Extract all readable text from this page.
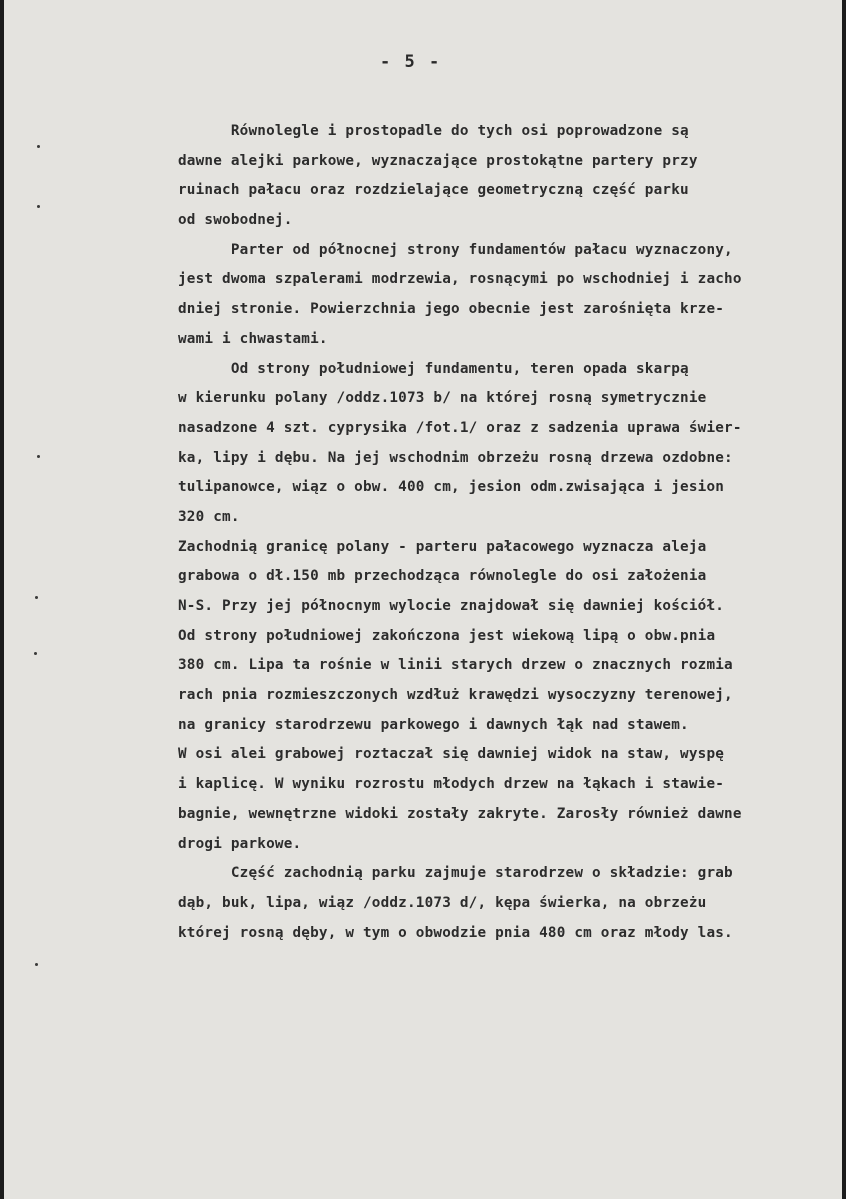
- 5 -
Równolegle i prostopadle do tych osi poprowadzone są
dawne alejki parkowe, wyznaczające prostokątne partery przy
ruinach pałacu oraz rozdzielające geometryczną część parku
od swobodnej.
Parter od północnej strony fundamentów pałacu wyznaczony,
jest dwoma szpalerami modrzewia, rosnącymi po wschodniej i zacho
dniej stronie. Powierzchnia jego obecnie jest zarośnięta krze-
wami i chwastami.
Od strony południowej fundamentu, teren opada skarpą
w kierunku polany /oddz.1073 b/ na której rosną symetrycznie
nasadzone 4 szt. cyprysika /fot.1/ oraz z sadzenia uprawa świer-
ka, lipy i dębu. Na jej wschodnim obrzeżu rosną drzewa ozdobne:
tulipanowce, wiąz o obw. 400 cm, jesion odm.zwisająca i jesion
320 cm.
Zachodnią granicę polany - parteru pałacowego wyznacza aleja
grabowa o dł.150 mb przechodząca równolegle do osi założenia
N-S. Przy jej północnym wylocie znajdował się dawniej kościół.
Od strony południowej zakończona jest wiekową lipą o obw.pnia
380 cm. Lipa ta rośnie w linii starych drzew o znacznych rozmia
rach pnia rozmieszczonych wzdłuż krawędzi wysoczyzny terenowej,
na granicy starodrzewu parkowego i dawnych łąk nad stawem.
W osi alei grabowej roztaczał się dawniej widok na staw, wyspę
i kaplicę. W wyniku rozrostu młodych drzew na łąkach i stawie-
bagnie, wewnętrzne widoki zostały zakryte. Zarosły również dawne
drogi parkowe.
Część zachodnią parku zajmuje starodrzew o składzie: grab
dąb, buk, lipa, wiąz /oddz.1073 d/, kępa świerka, na obrzeżu
której rosną dęby, w tym o obwodzie pnia 480 cm oraz młody las.
